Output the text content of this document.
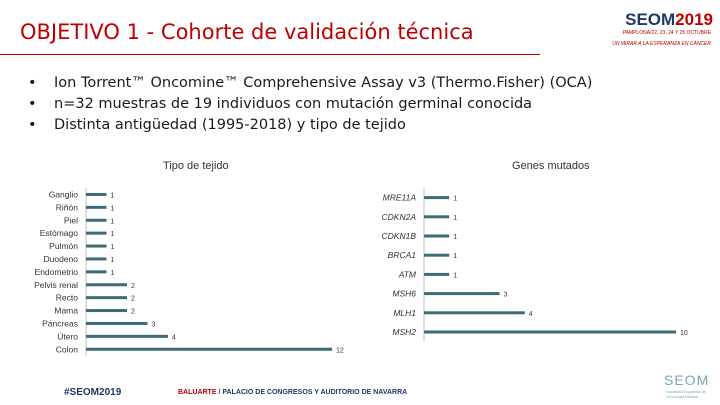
OBJETIVO 1 - Cohorte de validación técnica
SEOM2019
PAMPLONA/22, 23, 24 Y 25 OCTUBRE
UN MIRAR A LA ESPERANZA EN CÁNCER
• Ion Torrent™ Oncomine™ Comprehensive Assay v3 (Thermo.Fisher) (OCA)
• n=32 muestras de 19 individuos con mutación germinal conocida
• Distinta antigüedad (1995-2018) y tipo de tejido
Tipo de tejido	Genes mutados
Ganglio	1
Riñón	1
Piel	1
Estómago	1
Pulmón	1
Duodeno	1
Endometrio	1
Pelvis renal	2
Recto	2
Mama	2
Páncreas	3
Útero	4
Colon	12
MRE11A	1
CDKN2A	1
CDKN1B	1
BRCA1	1
ATM	1
MSH6	3
MLH1	4
MSH2	10
#SEOM2019	BALUARTE / PALACIO DE CONGRESOS Y AUDITORIO DE NAVARRA
SEOM
Sociedad Española de Oncología Médica
